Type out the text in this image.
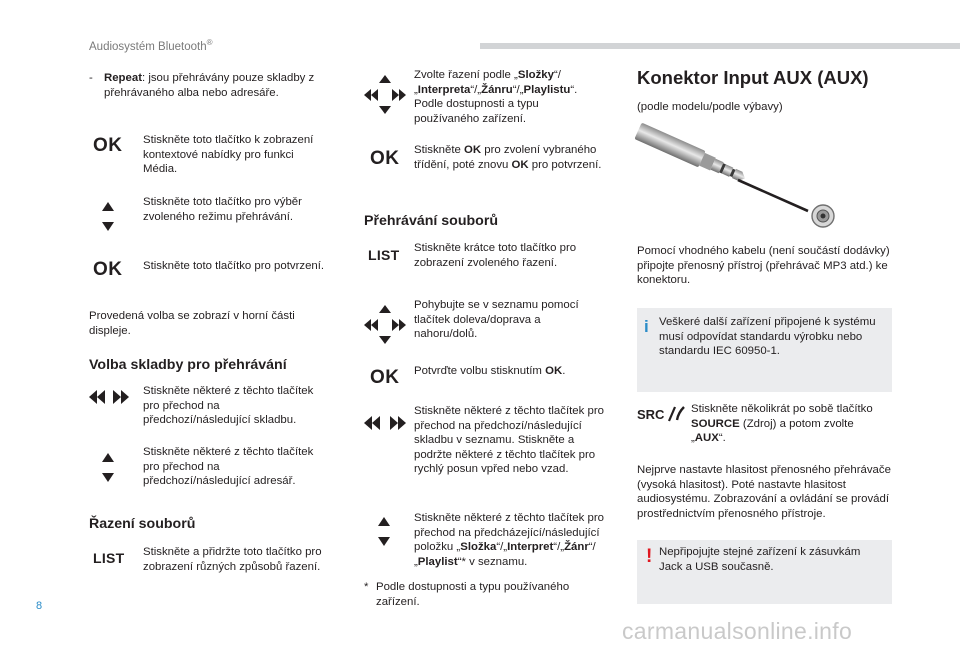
Audiosystém Bluetooth®
- Repeat: jsou přehrávány pouze skladby z přehrávaného alba nebo adresáře.
OK Stiskněte toto tlačítko k zobrazení kontextové nabídky pro funkci Média.
Stiskněte toto tlačítko pro výběr zvoleného režimu přehrávání.
OK Stiskněte toto tlačítko pro potvrzení.
Provedená volba se zobrazí v horní části displeje.
Volba skladby pro přehrávání
Stiskněte některé z těchto tlačítek pro přechod na předchozí/následující skladbu.
Stiskněte některé z těchto tlačítek pro přechod na předchozí/následující adresář.
Řazení souborů
LIST Stiskněte a přidržte toto tlačítko pro zobrazení různých způsobů řazení.
Zvolte řazení podle „Složky“/„Interpreta“/„Žánru“/„Playlistu“. Podle dostupnosti a typu používaného zařízení.
OK Stiskněte OK pro zvolení vybraného třídění, poté znovu OK pro potvrzení.
Přehrávání souborů
LIST Stiskněte krátce toto tlačítko pro zobrazení zvoleného řazení.
Pohybujte se v seznamu pomocí tlačítek doleva/doprava a nahoru/dolů.
OK Potvrďte volbu stisknutím OK.
Stiskněte některé z těchto tlačítek pro přechod na předchozí/následující skladbu v seznamu. Stiskněte a podržte některé z těchto tlačítek pro rychlý posun vpřed nebo vzad.
Stiskněte některé z těchto tlačítek pro přechod na předcházející/následující položku „Složka“/„Interpret“/„Žánr“/„Playlist“* v seznamu.
* Podle dostupnosti a typu používaného zařízení.
Konektor Input AUX (AUX)
(podle modelu/podle výbavy)
Pomocí vhodného kabelu (není součástí dodávky) připojte přenosný přístroj (přehrávač MP3 atd.) ke konektoru.
i Veškeré další zařízení připojené k systému musí odpovídat standardu výrobku nebo standardu IEC 60950-1.
SRC Stiskněte několikrát po sobě tlačítko SOURCE (Zdroj) a potom zvolte „AUX“.
Nejprve nastavte hlasitost přenosného přehrávače (vysoká hlasitost). Poté nastavte hlasitost audiosystému. Zobrazování a ovládání se provádí prostřednictvím přenosného přístroje.
! Nepřipojujte stejné zařízení k zásuvkám Jack a USB současně.
8
carmanualsonline.info
